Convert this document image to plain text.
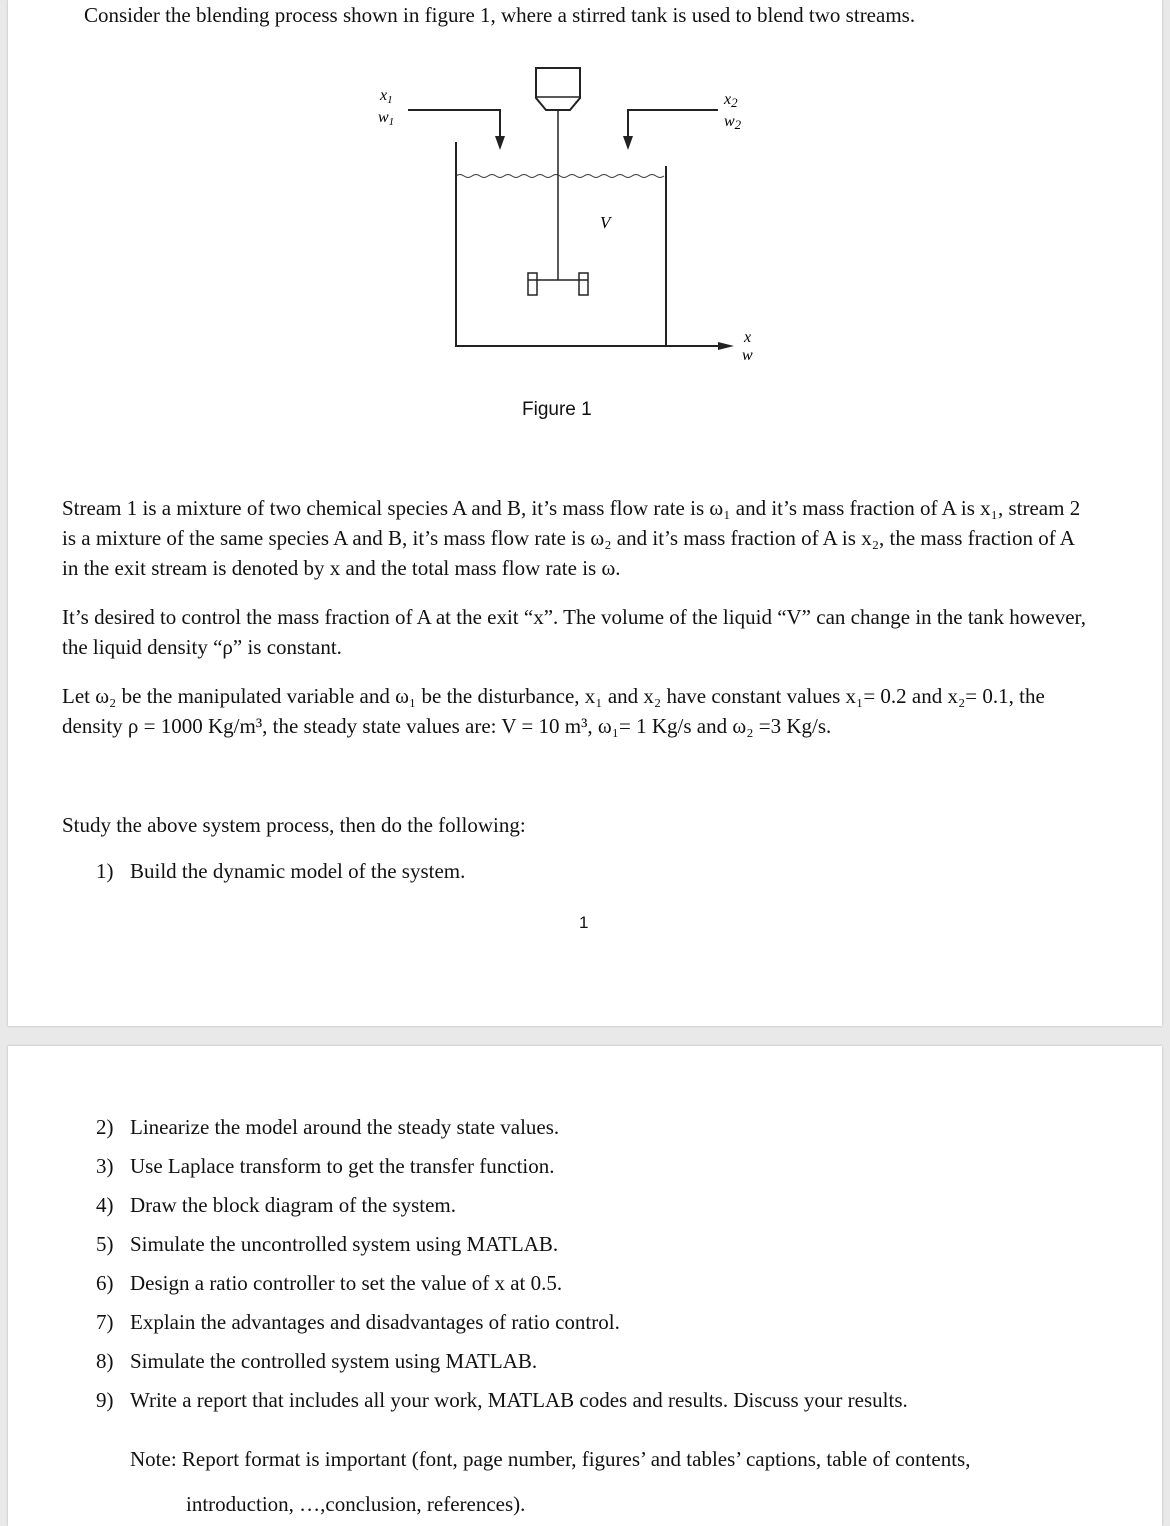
Consider the blending process shown in figure 1, where a stirred tank is used to blend two streams.
x1
w1
x2
w2
V
x
w
Figure 1

Stream 1 is a mixture of two chemical species A and B, it’s mass flow rate is ω₁ and it’s mass fraction of A is x₁, stream 2 is a mixture of the same species A and B, it’s mass flow rate is ω₂ and it’s mass fraction of A is x₂, the mass fraction of A in the exit stream is denoted by x and the total mass flow rate is ω.

It’s desired to control the mass fraction of A at the exit “x”. The volume of the liquid “V” can change in the tank however, the liquid density “ρ” is constant.

Let ω₂ be the manipulated variable and ω₁ be the disturbance, x₁ and x₂ have constant values x₁= 0.2 and x₂= 0.1, the density ρ = 1000 Kg/m³, the steady state values are: V = 10 m³, ω₁= 1 Kg/s and ω₂ =3 Kg/s.

Study the above system process, then do the following:
1) Build the dynamic model of the system.
1
2) Linearize the model around the steady state values.
3) Use Laplace transform to get the transfer function.
4) Draw the block diagram of the system.
5) Simulate the uncontrolled system using MATLAB.
6) Design a ratio controller to set the value of x at 0.5.
7) Explain the advantages and disadvantages of ratio control.
8) Simulate the controlled system using MATLAB.
9) Write a report that includes all your work, MATLAB codes and results. Discuss your results.
Note: Report format is important (font, page number, figures’ and tables’ captions, table of contents,
introduction, …,conclusion, references).
